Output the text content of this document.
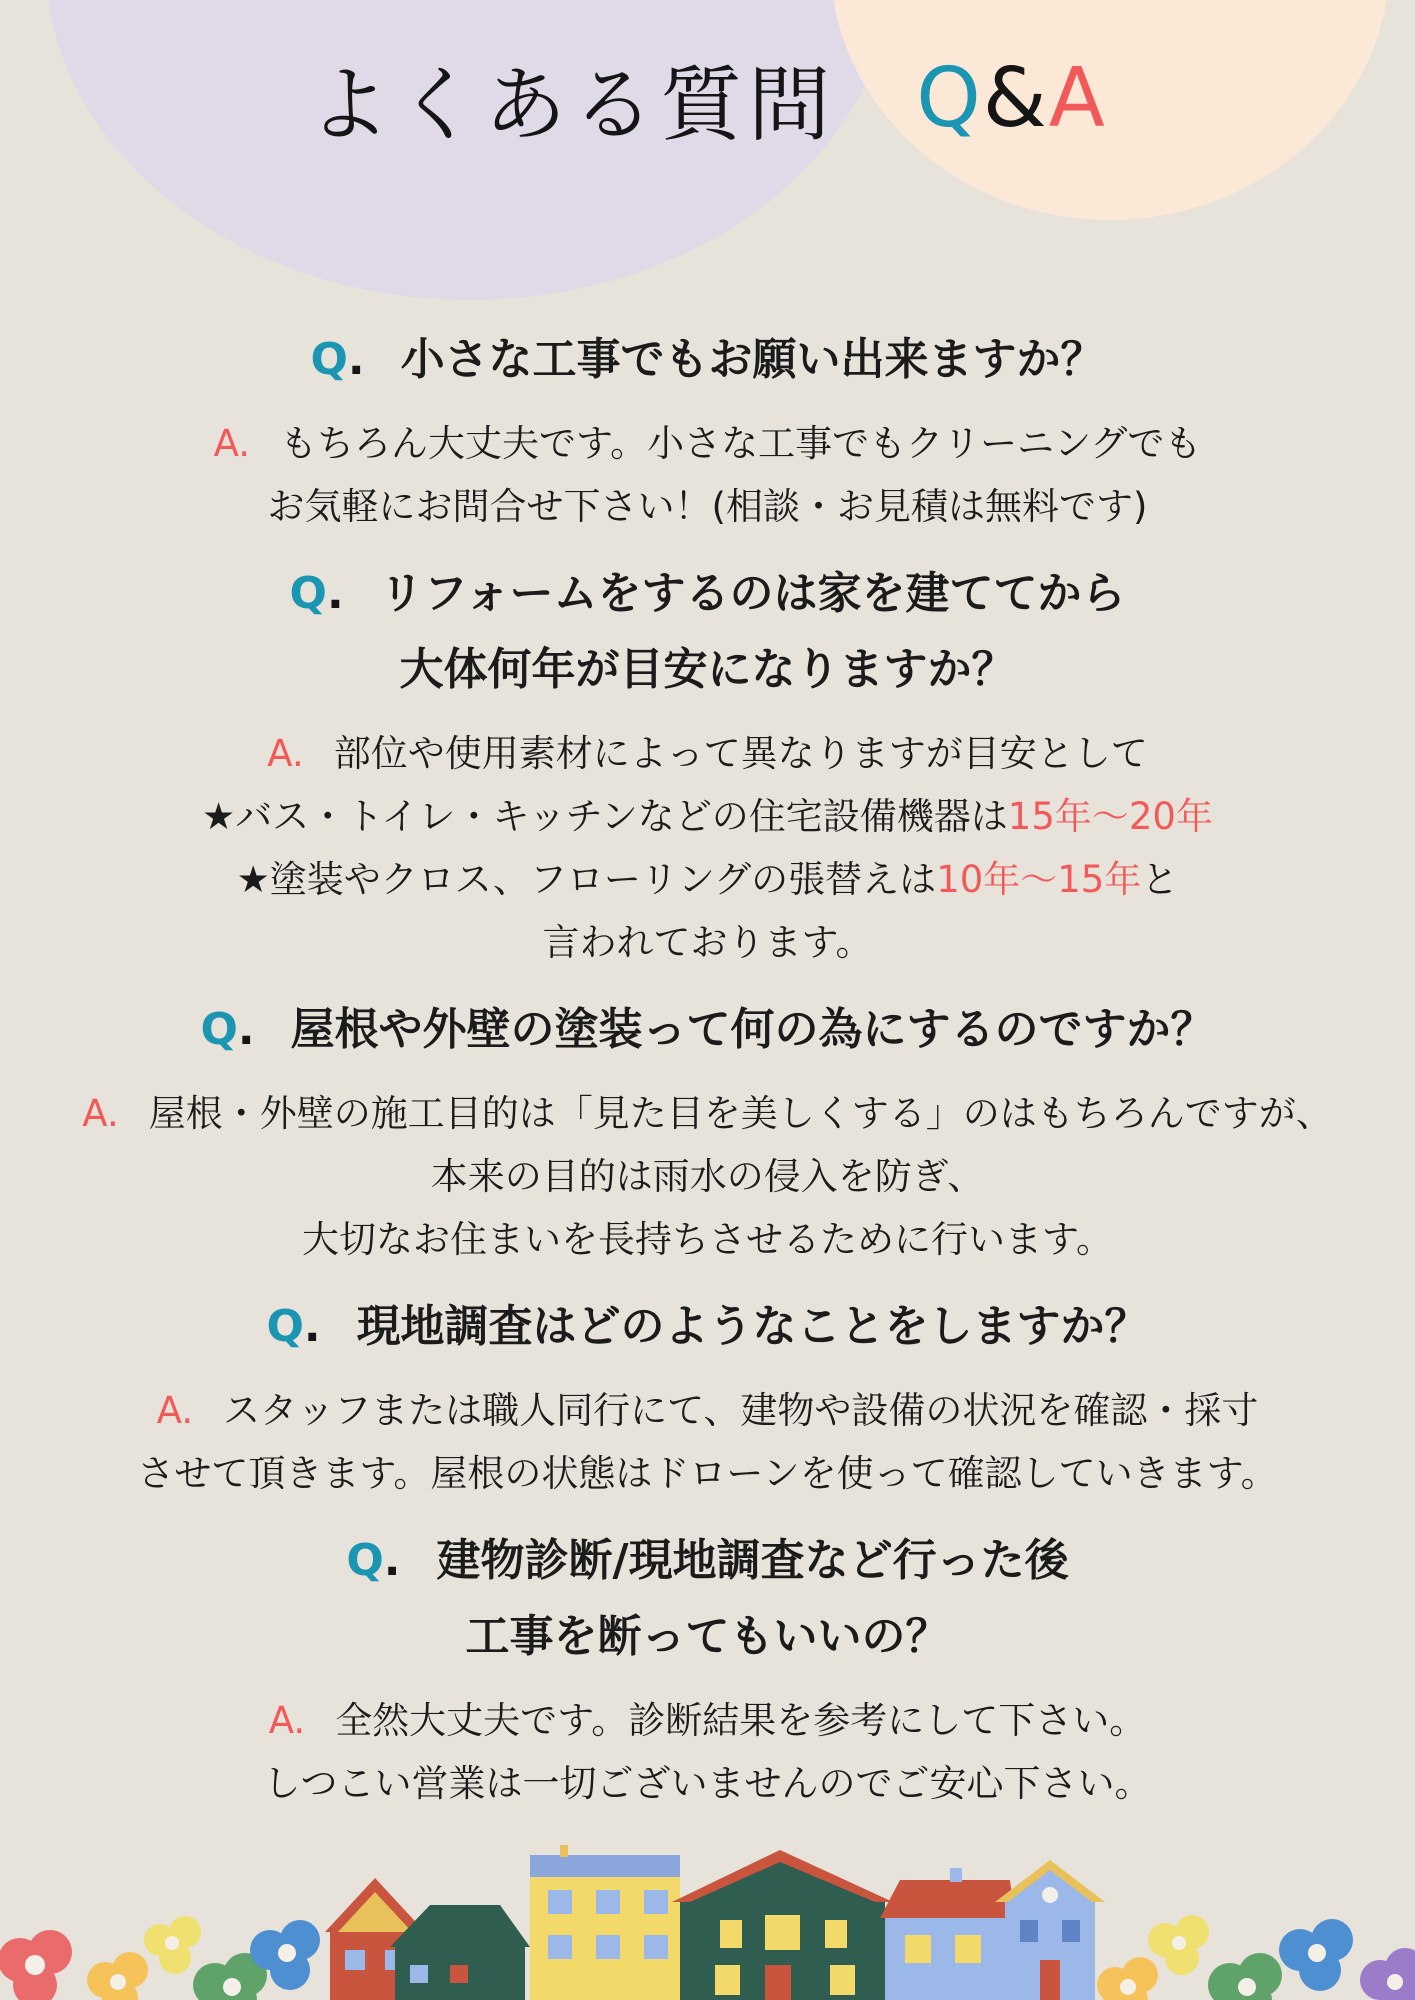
よくある質問 Q&A
Q. 小さな工事でもお願い出来ますか？
A. もちろん大丈夫です。小さな工事でもクリーニングでも
お気軽にお問合せ下さい！(相談・お見積は無料です)
Q. リフォームをするのは家を建ててから
大体何年が目安になりますか？
A. 部位や使用素材によって異なりますが目安として
★バス・トイレ・キッチンなどの住宅設備機器は15年～20年
★塗装やクロス、フローリングの張替えは10年～15年と
言われております。
Q. 屋根や外壁の塗装って何の為にするのですか？
A. 屋根・外壁の施工目的は「見た目を美しくする」のはもちろんですが、
本来の目的は雨水の侵入を防ぎ、
大切なお住まいを長持ちさせるために行います。
Q. 現地調査はどのようなことをしますか？
A. スタッフまたは職人同行にて、建物や設備の状況を確認・採寸
させて頂きます。屋根の状態はドローンを使って確認していきます。
Q. 建物診断/現地調査など行った後
工事を断ってもいいの？
A. 全然大丈夫です。診断結果を参考にして下さい。
しつこい営業は一切ございませんのでご安心下さい。
